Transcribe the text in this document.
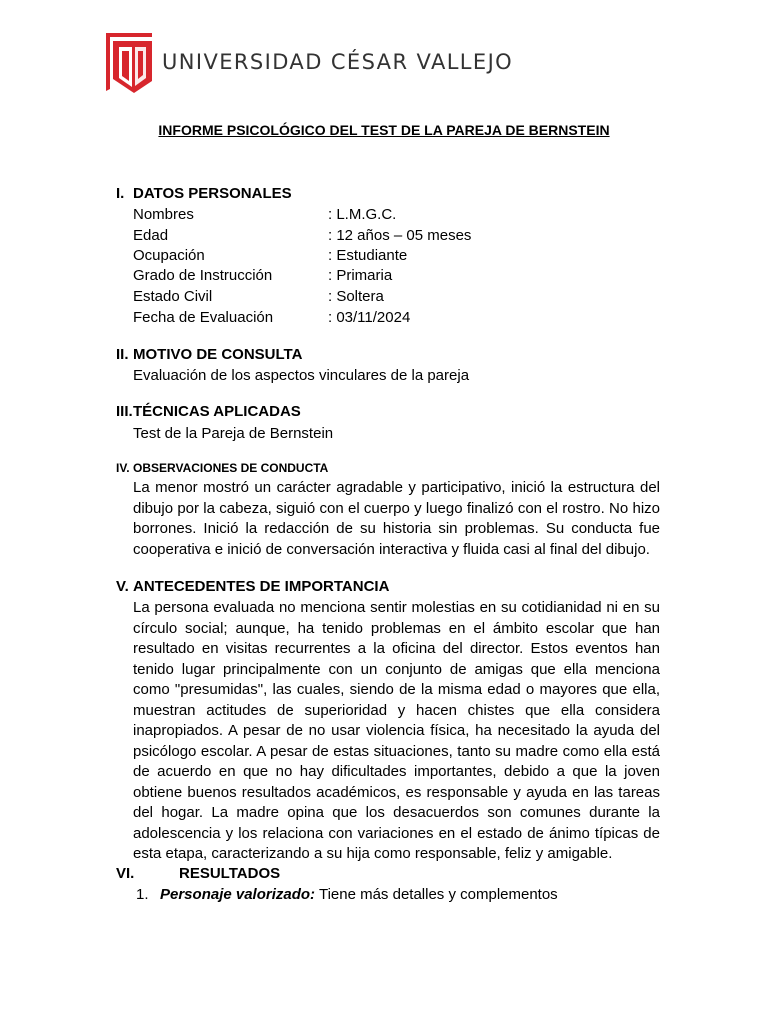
UNIVERSIDAD CÉSAR VALLEJO
INFORME PSICOLÓGICO DEL TEST DE LA PAREJA DE BERNSTEIN
I. DATOS PERSONALES
Nombres	: L.M.G.C.
Edad	: 12 años – 05 meses
Ocupación	: Estudiante
Grado de Instrucción	: Primaria
Estado Civil	: Soltera
Fecha de Evaluación	: 03/11/2024
II. MOTIVO DE CONSULTA
Evaluación de los aspectos vinculares de la pareja
III.TÉCNICAS APLICADAS
Test de la Pareja de Bernstein
IV. OBSERVACIONES DE CONDUCTA
La menor mostró un carácter agradable y participativo, inició la estructura del dibujo por la cabeza, siguió con el cuerpo y luego finalizó con el rostro. No hizo borrones. Inició la redacción de su historia sin problemas. Su conducta fue cooperativa e inició de conversación interactiva y fluida casi al final del dibujo.
V. ANTECEDENTES DE IMPORTANCIA
La persona evaluada no menciona sentir molestias en su cotidianidad ni en su círculo social; aunque, ha tenido problemas en el ámbito escolar que han resultado en visitas recurrentes a la oficina del director. Estos eventos han tenido lugar principalmente con un conjunto de amigas que ella menciona como "presumidas", las cuales, siendo de la misma edad o mayores que ella, muestran actitudes de superioridad y hacen chistes que ella considera inapropiados. A pesar de no usar violencia física, ha necesitado la ayuda del psicólogo escolar. A pesar de estas situaciones, tanto su madre como ella está de acuerdo en que no hay dificultades importantes, debido a que la joven obtiene buenos resultados académicos, es responsable y ayuda en las tareas del hogar. La madre opina que los desacuerdos son comunes durante la adolescencia y los relaciona con variaciones en el estado de ánimo típicas de esta etapa, caracterizando a su hija como responsable, feliz y amigable.
VI.	RESULTADOS
1. Personaje valorizado: Tiene más detalles y complementos
